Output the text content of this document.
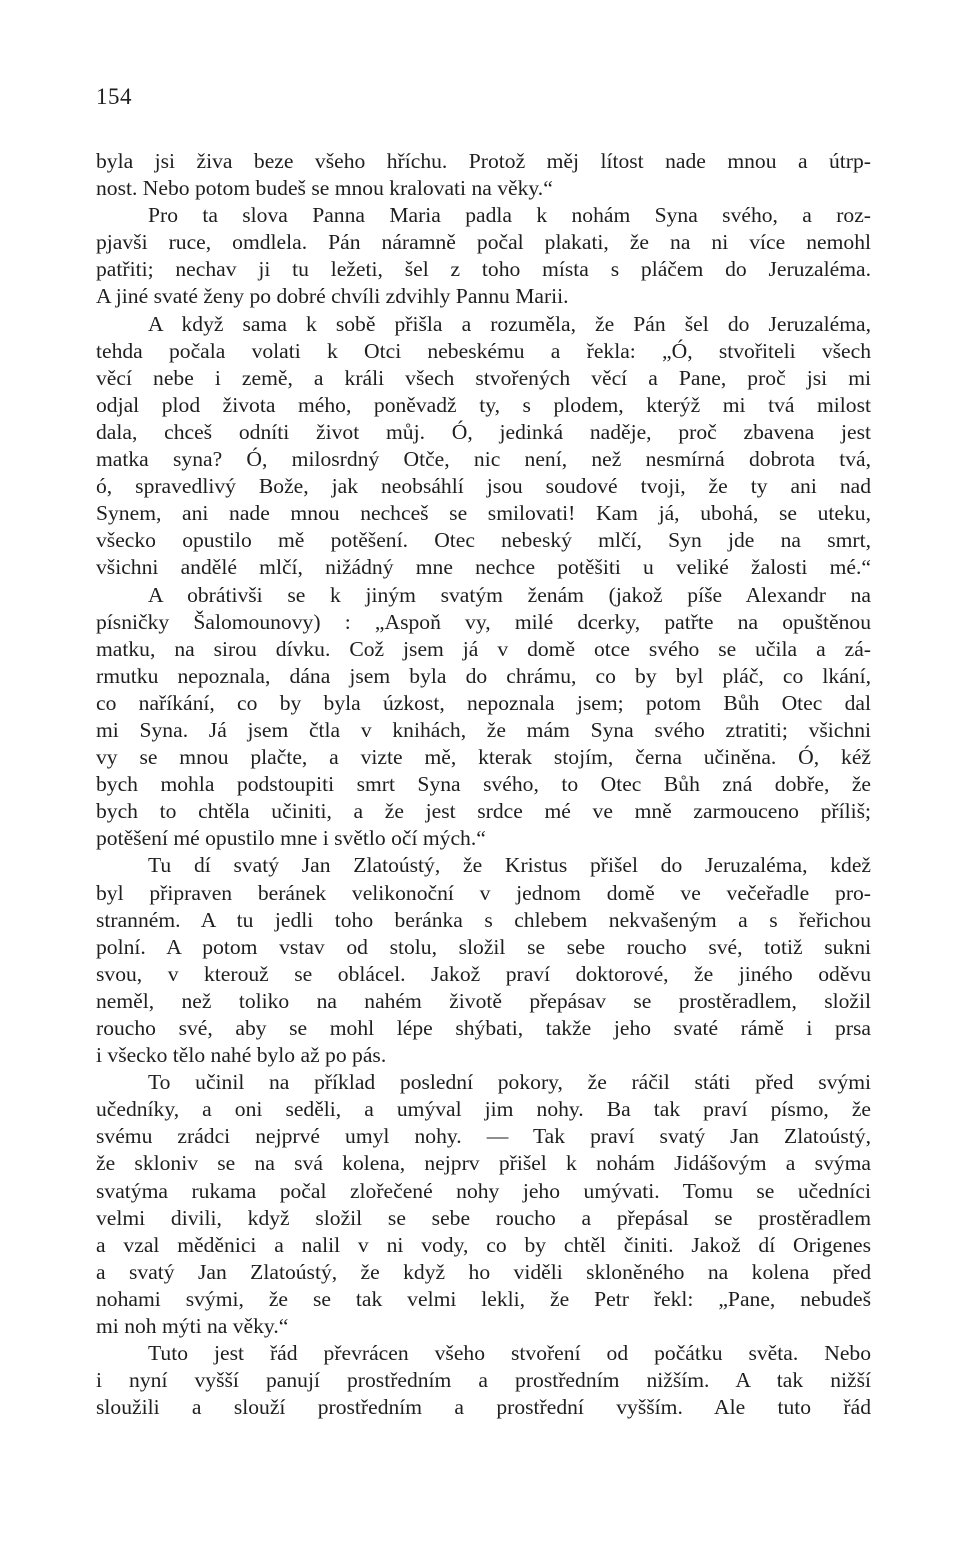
154
byla jsi živa beze všeho hříchu. Protož měj lítost nade mnou a útrp-
nost. Nebo potom budeš se mnou kralovati na věky.“
Pro ta slova Panna Maria padla k nohám Syna svého, a roz-
pjavši ruce, omdlela. Pán náramně počal plakati, že na ni více nemohl
patřiti; nechav ji tu ležeti, šel z toho místa s pláčem do Jeruzaléma.
A jiné svaté ženy po dobré chvíli zdvihly Pannu Marii.
A když sama k sobě přišla a rozuměla, že Pán šel do Jeruzaléma,
tehda počala volati k Otci nebeskému a řekla: „Ó, stvořiteli všech
věcí nebe i země, a králi všech stvořených věcí a Pane, proč jsi mi
odjal plod života mého, poněvadž ty, s plodem, kterýž mi tvá milost
dala, chceš odníti život můj. Ó, jedinká naděje, proč zbavena jest
matka syna? Ó, milosrdný Otče, nic není, než nesmírná dobrota tvá,
ó, spravedlivý Bože, jak neobsáhlí jsou soudové tvoji, že ty ani nad
Synem, ani nade mnou nechceš se smilovati! Kam já, ubohá, se uteku,
všecko opustilo mě potěšení. Otec nebeský mlčí, Syn jde na smrt,
všichni andělé mlčí, nižádný mne nechce potěšiti u veliké žalosti mé.“
A obrátivši se k jiným svatým ženám (jakož píše Alexandr na
písničky Šalomounovy) : „Aspoň vy, milé dcerky, patřte na opuštěnou
matku, na sirou dívku. Což jsem já v domě otce svého se učila a zá-
rmutku nepoznala, dána jsem byla do chrámu, co by byl pláč, co lkání,
co naříkání, co by byla úzkost, nepoznala jsem; potom Bůh Otec dal
mi Syna. Já jsem čtla v knihách, že mám Syna svého ztratiti; všichni
vy se mnou plačte, a vizte mě, kterak stojím, černa učiněna. Ó, kéž
bych mohla podstoupiti smrt Syna svého, to Otec Bůh zná dobře, že
bych to chtěla učiniti, a že jest srdce mé ve mně zarmouceno příliš;
potěšení mé opustilo mne i světlo očí mých.“
Tu dí svatý Jan Zlatoústý, že Kristus přišel do Jeruzaléma, kdež
byl připraven beránek velikonoční v jednom domě ve večeřadle pro-
stranném. A tu jedli toho beránka s chlebem nekvašeným a s řeřichou
polní. A potom vstav od stolu, složil se sebe roucho své, totiž sukni
svou, v kterouž se oblácel. Jakož praví doktorové, že jiného oděvu
neměl, než toliko na nahém životě přepásav se prostěradlem, složil
roucho své, aby se mohl lépe shýbati, takže jeho svaté rámě i prsa
i všecko tělo nahé bylo až po pás.
To učinil na příklad poslední pokory, že ráčil státi před svými
učedníky, a oni seděli, a umýval jim nohy. Ba tak praví písmo, že
svému zrádci nejprvé umyl nohy. — Tak praví svatý Jan Zlatoústý,
že skloniv se na svá kolena, nejprv přišel k nohám Jidášovým a svýma
svatýma rukama počal zlořečené nohy jeho umývati. Tomu se učedníci
velmi divili, když složil se sebe roucho a přepásal se prostěradlem
a vzal měděnici a nalil v ni vody, co by chtěl činiti. Jakož dí Origenes
a svatý Jan Zlatoústý, že když ho viděli skloněného na kolena před
nohami svými, že se tak velmi lekli, že Petr řekl: „Pane, nebudeš
mi noh mýti na věky.“
Tuto jest řád převrácen všeho stvoření od počátku světa. Nebo
i nyní vyšší panují prostředním a prostředním nižším. A tak nižší
sloužili a slouží prostředním a prostřední vyšším. Ale tuto řád
